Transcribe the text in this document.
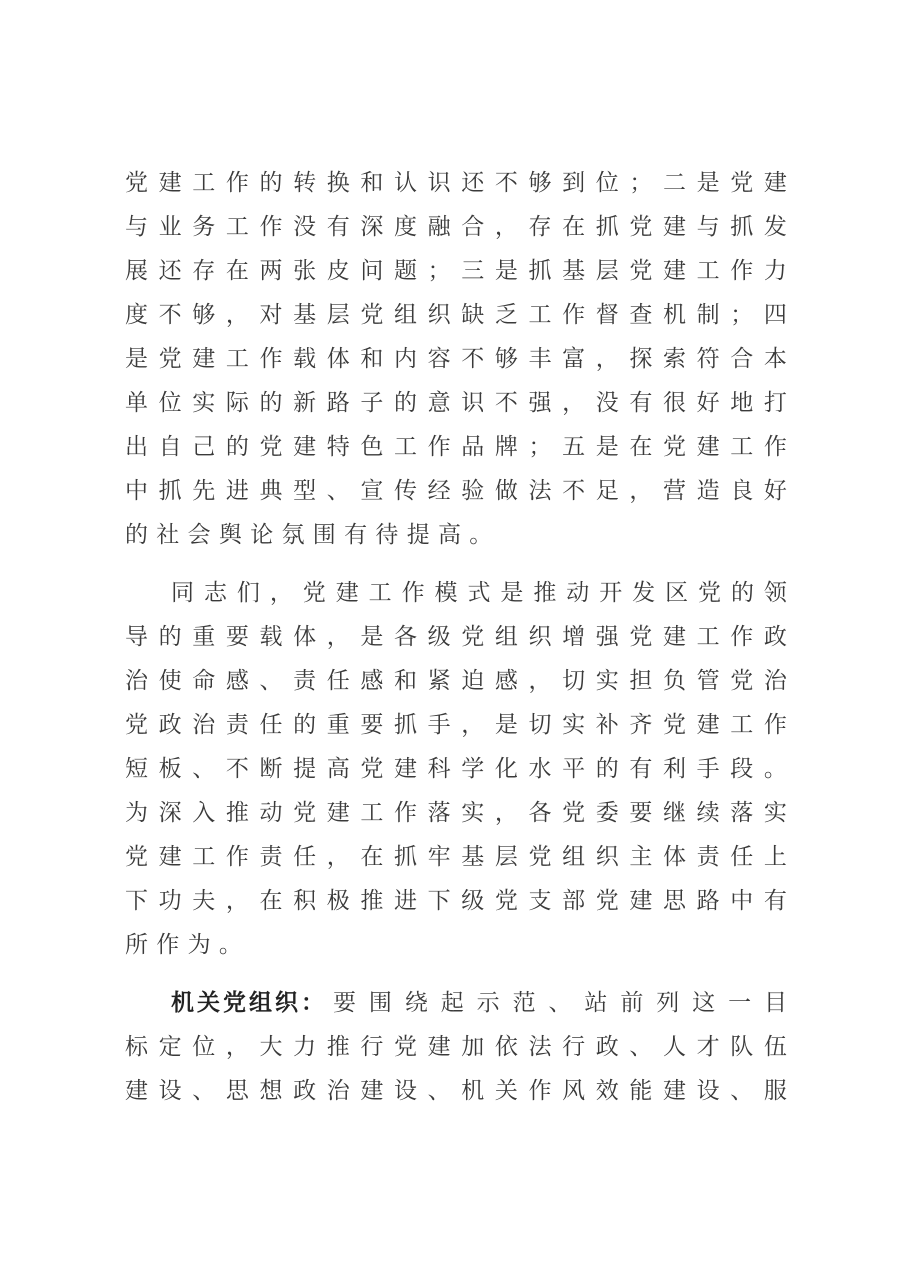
党 建 工 作 的 转 换 和 认 识 还 不 够 到 位 ； 二 是 党 建
与 业 务 工 作 没 有 深 度 融 合 ， 存 在 抓 党 建 与 抓 发
展 还 存 在 两 张 皮 问 题 ； 三 是 抓 基 层 党 建 工 作 力
度 不 够 ， 对 基 层 党 组 织 缺 乏 工 作 督 查 机 制 ； 四
是 党 建 工 作 载 体 和 内 容 不 够 丰 富 ， 探 索 符 合 本
单 位 实 际 的 新 路 子 的 意 识 不 强 ， 没 有 很 好 地 打
出 自 己 的 党 建 特 色 工 作 品 牌 ； 五 是 在 党 建 工 作
中 抓 先 进 典 型 、 宣 传 经 验 做 法 不 足 ， 营 造 良 好
的社会舆论氛围有待提高。
同 志 们 ， 党 建 工 作 模 式 是 推 动 开 发 区 党 的 领
导 的 重 要 载 体 ， 是 各 级 党 组 织 增 强 党 建 工 作 政
治 使 命 感 、 责 任 感 和 紧 迫 感 ， 切 实 担 负 管 党 治
党 政 治 责 任 的 重 要 抓 手 ， 是 切 实 补 齐 党 建 工 作
短 板 、 不 断 提 高 党 建 科 学 化 水 平 的 有 利 手 段 。
为 深 入 推 动 党 建 工 作 落 实 ， 各 党 委 要 继 续 落 实
党 建 工 作 责 任 ， 在 抓 牢 基 层 党 组 织 主 体 责 任 上
下 功 夫 ， 在 积 极 推 进 下 级 党 支 部 党 建 思 路 中 有
所作为。
机关党组织： 要围绕起示范、站前列这一目
标 定 位 ， 大 力 推 行 党 建 加 依 法 行 政 、 人 才 队 伍
建 设 、 思 想 政 治 建 设 、 机 关 作 风 效 能 建 设 、 服
